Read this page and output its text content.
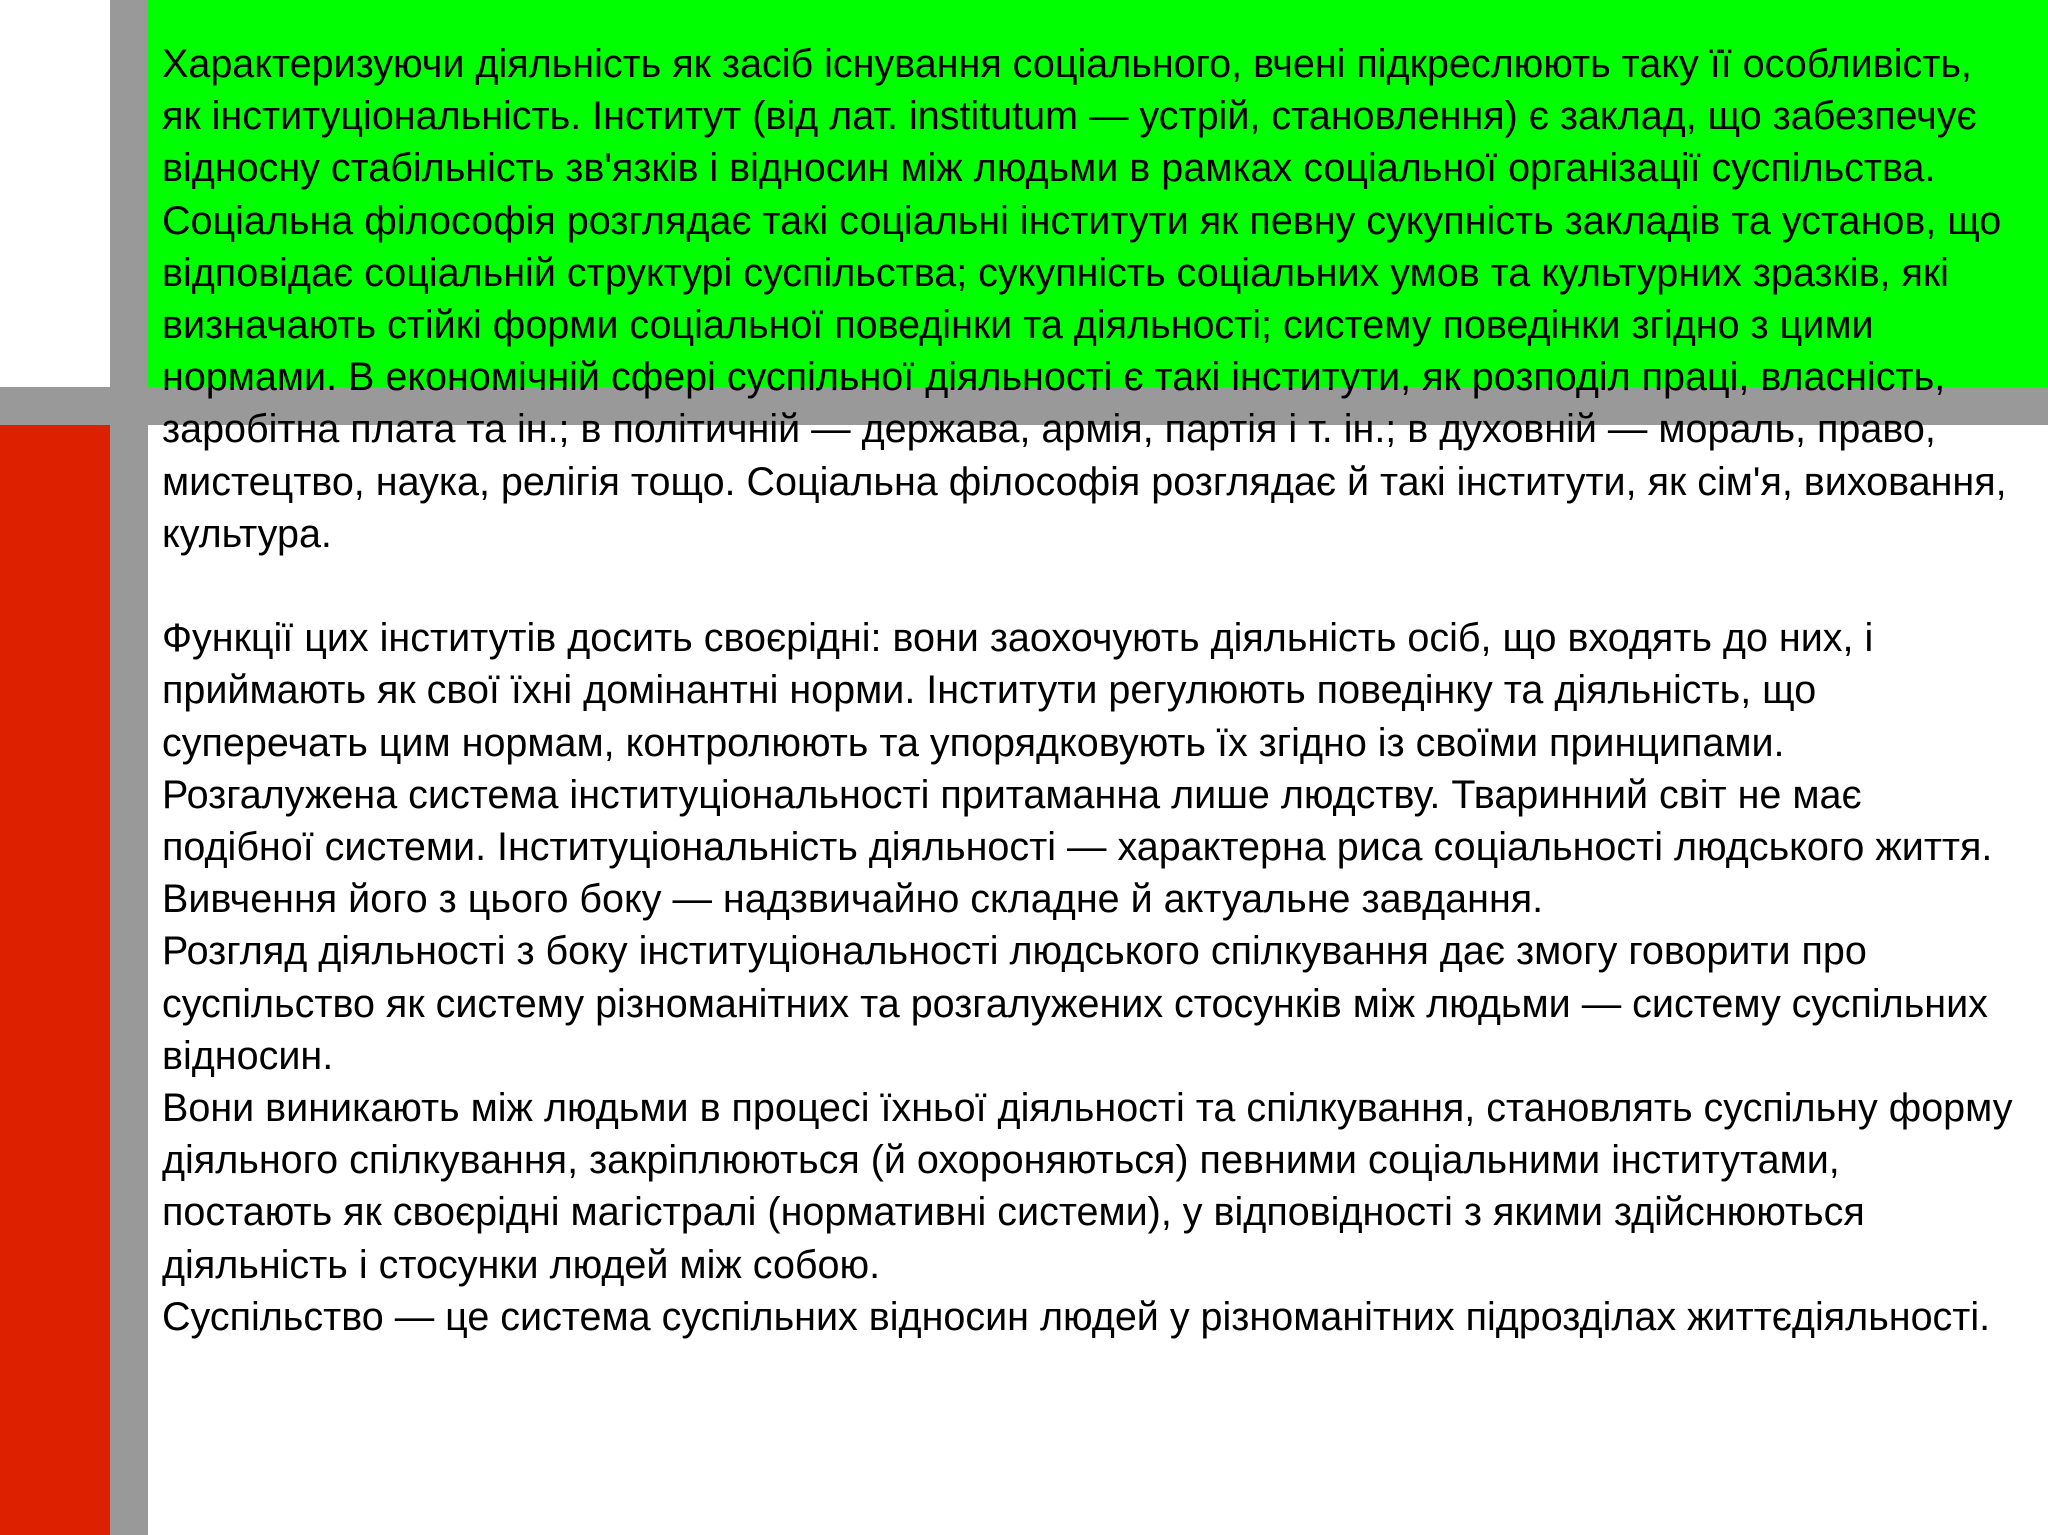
Характеризуючи діяльність як засіб існування соціального, вчені підкреслюють таку її особливість, як інституціональність. Інститут (від лат. institutum — устрій, становлення) є заклад, що забезпечує відносну стабільність зв'язків і відносин між людьми в рамках соціальної організації суспільства. Соціальна філософія розглядає такі соціальні інститути як певну сукупність закладів та установ, що відповідає соціальній структурі суспільства; сукупність соціальних умов та культурних зразків, які визначають стійкі форми соціальної поведінки та діяльності; систему поведінки згідно з цими нормами. В економічній сфері суспільної діяльності є такі інститути, як розподіл праці, власність, заробітна плата та ін.; в політичній — держава, армія, партія і т. ін.; в духовній — мораль, право, мистецтво, наука, релігія тощо. Соціальна філософія розглядає й такі інститути, як сім'я, виховання, культура.

Функції цих інститутів досить своєрідні: вони заохочують діяльність осіб, що входять до них, і приймають як свої їхні домінантні норми. Інститути регулюють поведінку та діяльність, що суперечать цим нормам, контролюють та упорядковують їх згідно із своїми принципами. Розгалужена система інституціональності притаманна лише людству. Тваринний світ не має подібної системи. Інституціональність діяльності — характерна риса соціальності людського життя. Вивчення його з цього боку — надзвичайно складне й актуальне завдання.

Розгляд діяльності з боку інституціональності людського спілкування дає змогу говорити про суспільство як систему різноманітних та розгалужених стосунків між людьми — систему суспільних відносин.

Вони виникають між людьми в процесі їхньої діяльності та спілкування, становлять суспільну форму діяльного спілкування, закріплюються (й охороняються) певними соціальними інститутами, постають як своєрідні магістралі (нормативні системи), у відповідності з якими здійснюються діяльність і стосунки людей між собою.

Суспільство — це система суспільних відносин людей у різноманітних підрозділах життєдіяльності.
